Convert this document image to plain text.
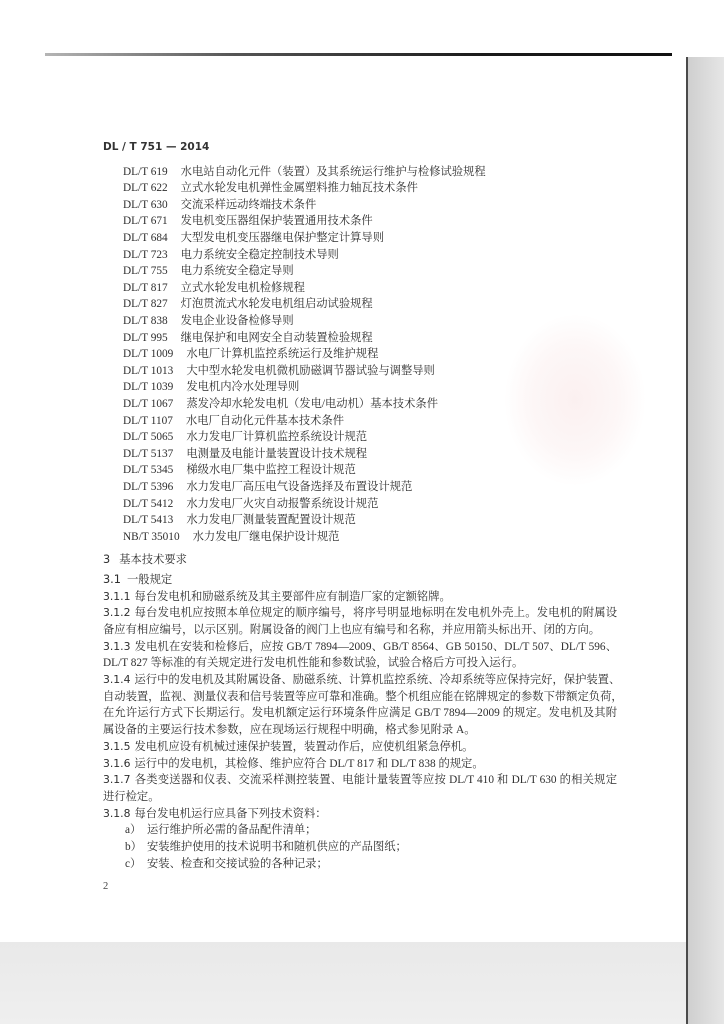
DL / T 751 — 2014
DL/T 619 水电站自动化元件（装置）及其系统运行维护与检修试验规程
DL/T 622 立式水轮发电机弹性金属塑料推力轴瓦技术条件
DL/T 630 交流采样远动终端技术条件
DL/T 671 发电机变压器组保护装置通用技术条件
DL/T 684 大型发电机变压器继电保护整定计算导则
DL/T 723 电力系统安全稳定控制技术导则
DL/T 755 电力系统安全稳定导则
DL/T 817 立式水轮发电机检修规程
DL/T 827 灯泡贯流式水轮发电机组启动试验规程
DL/T 838 发电企业设备检修导则
DL/T 995 继电保护和电网安全自动装置检验规程
DL/T 1009 水电厂计算机监控系统运行及维护规程
DL/T 1013 大中型水轮发电机微机励磁调节器试验与调整导则
DL/T 1039 发电机内冷水处理导则
DL/T 1067 蒸发冷却水轮发电机（发电/电动机）基本技术条件
DL/T 1107 水电厂自动化元件基本技术条件
DL/T 5065 水力发电厂计算机监控系统设计规范
DL/T 5137 电测量及电能计量装置设计技术规程
DL/T 5345 梯级水电厂集中监控工程设计规范
DL/T 5396 水力发电厂高压电气设备选择及布置设计规范
DL/T 5412 水力发电厂火灾自动报警系统设计规范
DL/T 5413 水力发电厂测量装置配置设计规范
NB/T 35010 水力发电厂继电保护设计规范
3 基本技术要求
3.1 一般规定
3.1.1 每台发电机和励磁系统及其主要部件应有制造厂家的定额铭牌。
3.1.2 每台发电机应按照本单位规定的顺序编号，将序号明显地标明在发电机外壳上。发电机的附属设
备应有相应编号，以示区别。附属设备的阀门上也应有编号和名称，并应用箭头标出开、闭的方向。
3.1.3 发电机在安装和检修后，应按 GB/T 7894—2009、GB/T 8564、GB 50150、DL/T 507、DL/T 596、
DL/T 827 等标准的有关规定进行发电机性能和参数试验，试验合格后方可投入运行。
3.1.4 运行中的发电机及其附属设备、励磁系统、计算机监控系统、冷却系统等应保持完好，保护装置、
自动装置，监视、测量仪表和信号装置等应可靠和准确。整个机组应能在铭牌规定的参数下带额定负荷，
在允许运行方式下长期运行。发电机额定运行环境条件应满足 GB/T 7894—2009 的规定。发电机及其附
属设备的主要运行技术参数，应在现场运行规程中明确，格式参见附录 A。
3.1.5 发电机应设有机械过速保护装置，装置动作后，应使机组紧急停机。
3.1.6 运行中的发电机，其检修、维护应符合 DL/T 817 和 DL/T 838 的规定。
3.1.7 各类变送器和仪表、交流采样测控装置、电能计量装置等应按 DL/T 410 和 DL/T 630 的相关规定
进行检定。
3.1.8 每台发电机运行应具备下列技术资料：
a） 运行维护所必需的备品配件清单；
b） 安装维护使用的技术说明书和随机供应的产品图纸；
c） 安装、检查和交接试验的各种记录；
2
